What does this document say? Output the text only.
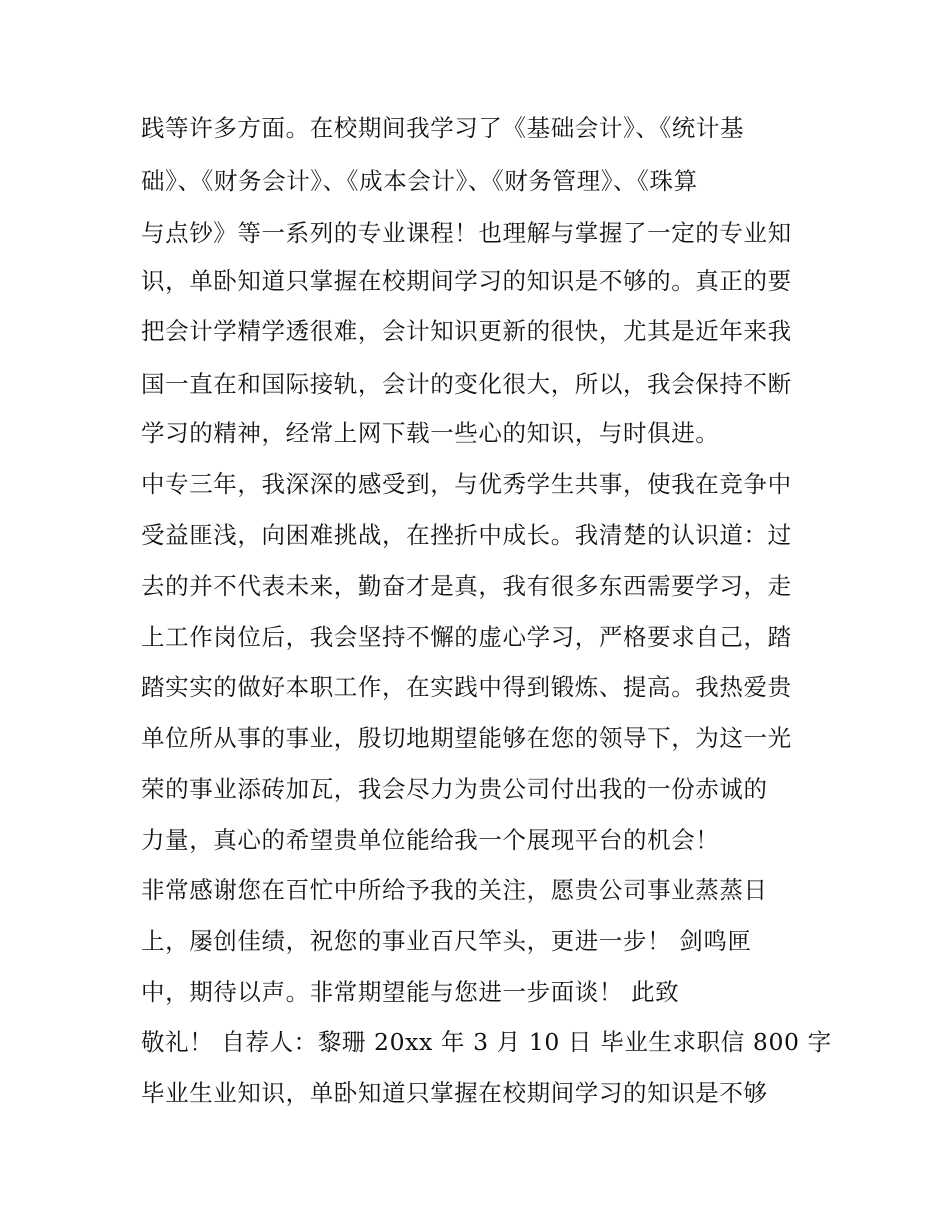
践等许多方面。在校期间我学习了《基础会计》、《统计基
础》、《财务会计》、《成本会计》、《财务管理》、《珠算
与点钞》等一系列的专业课程！也理解与掌握了一定的专业知
识，单卧知道只掌握在校期间学习的知识是不够的。真正的要
把会计学精学透很难，会计知识更新的很快，尤其是近年来我
国一直在和国际接轨，会计的变化很大，所以，我会保持不断
学习的精神，经常上网下载一些心的知识，与时俱进。
中专三年，我深深的感受到，与优秀学生共事，使我在竞争中
受益匪浅，向困难挑战，在挫折中成长。我清楚的认识道：过
去的并不代表未来，勤奋才是真，我有很多东西需要学习，走
上工作岗位后，我会坚持不懈的虚心学习，严格要求自己，踏
踏实实的做好本职工作，在实践中得到锻炼、提高。我热爱贵
单位所从事的事业，殷切地期望能够在您的领导下，为这一光
荣的事业添砖加瓦，我会尽力为贵公司付出我的一份赤诚的
力量，真心的希望贵单位能给我一个展现平台的机会！
非常感谢您在百忙中所给予我的关注，愿贵公司事业蒸蒸日
上，屡创佳绩，祝您的事业百尺竿头，更进一步！ 剑鸣匣
中，期待以声。非常期望能与您进一步面谈！ 此致
敬礼！ 自荐人：黎珊 20xx 年 3 月 10 日 毕业生求职信 800 字
毕业生业知识，单卧知道只掌握在校期间学习的知识是不够
